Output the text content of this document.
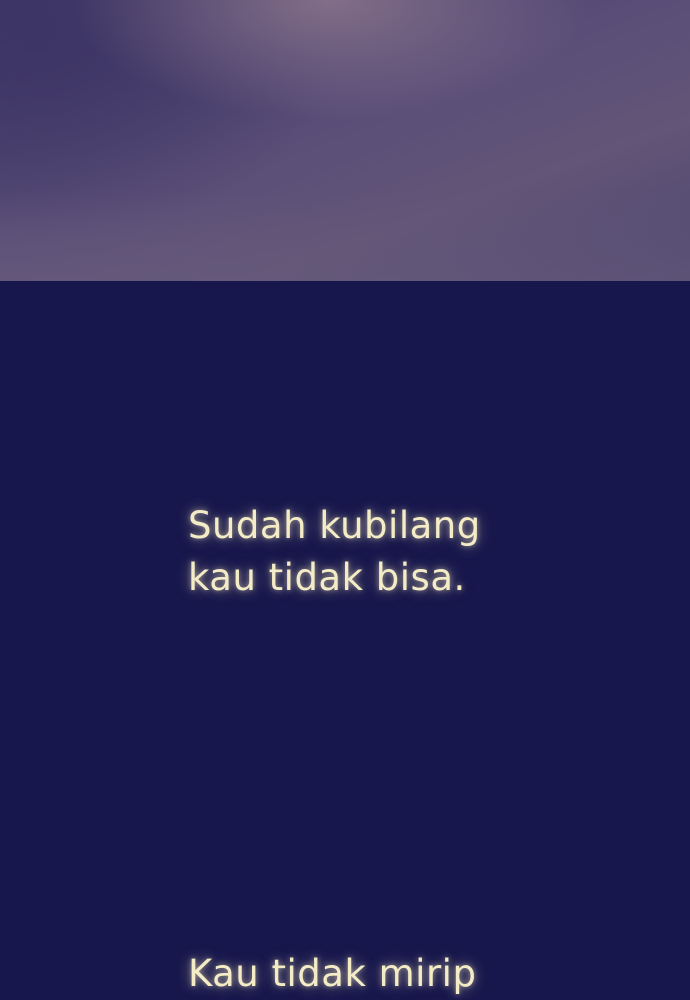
Sudah kubilang
kau tidak bisa.
Kau tidak mirip
